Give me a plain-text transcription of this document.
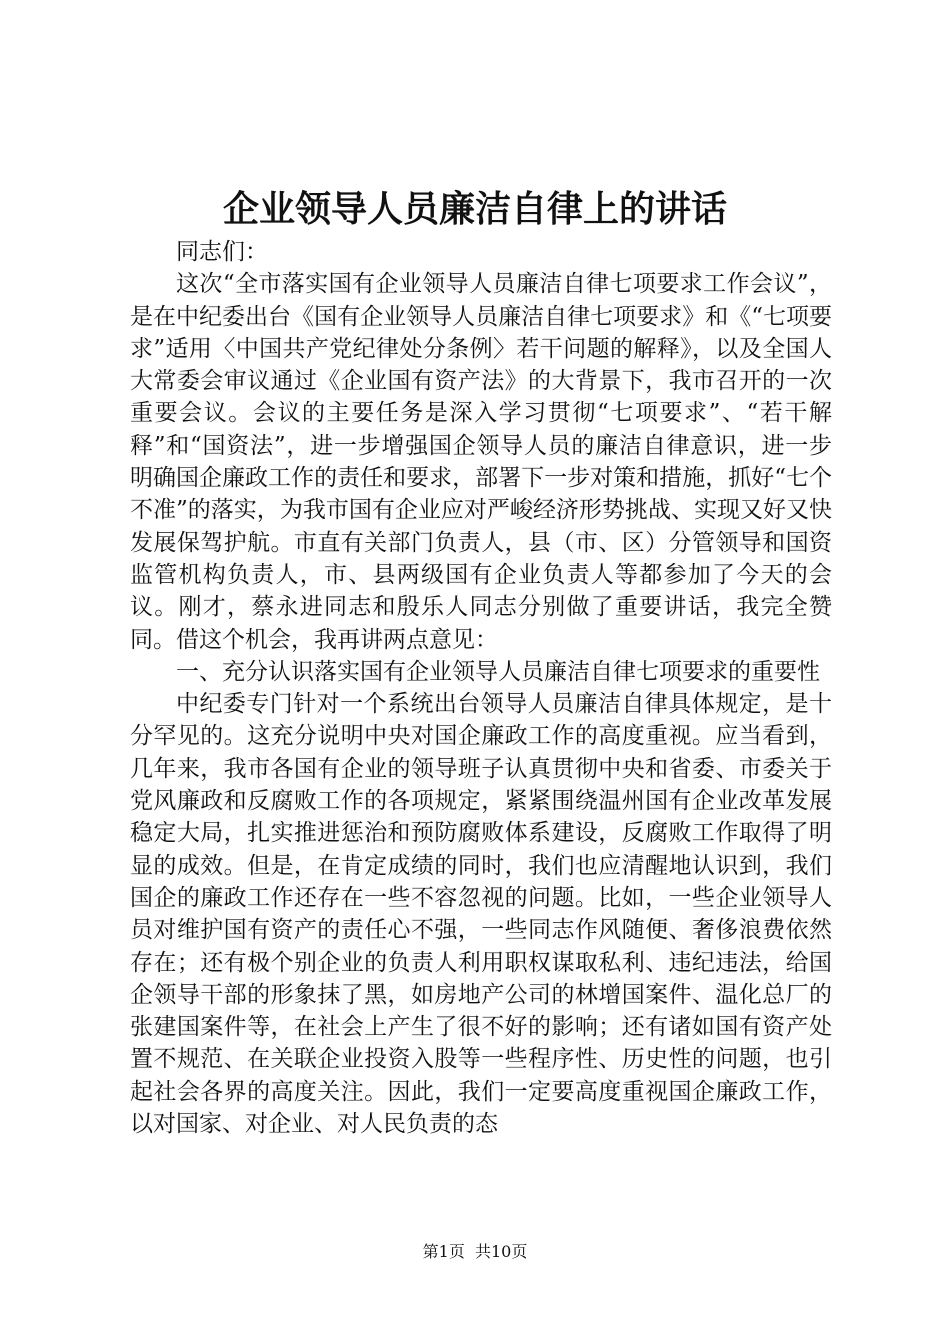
企业领导人员廉洁自律上的讲话

同志们：

这次“全市落实国有企业领导人员廉洁自律七项要求工作会议”，是在中纪委出台《国有企业领导人员廉洁自律七项要求》和《“七项要求”适用〈中国共产党纪律处分条例〉若干问题的解释》，以及全国人大常委会审议通过《企业国有资产法》的大背景下，我市召开的一次重要会议。会议的主要任务是深入学习贯彻“七项要求”、“若干解释”和“国资法”，进一步增强国企领导人员的廉洁自律意识，进一步明确国企廉政工作的责任和要求，部署下一步对策和措施，抓好“七个不准”的落实，为我市国有企业应对严峻经济形势挑战、实现又好又快发展保驾护航。市直有关部门负责人，县（市、区）分管领导和国资监管机构负责人，市、县两级国有企业负责人等都参加了今天的会议。刚才，蔡永进同志和殷乐人同志分别做了重要讲话，我完全赞同。借这个机会，我再讲两点意见：

一、充分认识落实国有企业领导人员廉洁自律七项要求的重要性

中纪委专门针对一个系统出台领导人员廉洁自律具体规定，是十分罕见的。这充分说明中央对国企廉政工作的高度重视。应当看到，几年来，我市各国有企业的领导班子认真贯彻中央和省委、市委关于党风廉政和反腐败工作的各项规定，紧紧围绕温州国有企业改革发展稳定大局，扎实推进惩治和预防腐败体系建设，反腐败工作取得了明显的成效。但是，在肯定成绩的同时，我们也应清醒地认识到，我们国企的廉政工作还存在一些不容忽视的问题。比如，一些企业领导人员对维护国有资产的责任心不强，一些同志作风随便、奢侈浪费依然存在；还有极个别企业的负责人利用职权谋取私利、违纪违法，给国企领导干部的形象抹了黑，如房地产公司的林增国案件、温化总厂的张建国案件等，在社会上产生了很不好的影响；还有诸如国有资产处置不规范、在关联企业投资入股等一些程序性、历史性的问题，也引起社会各界的高度关注。因此，我们一定要高度重视国企廉政工作，以对国家、对企业、对人民负责的态

第1页  共10页
